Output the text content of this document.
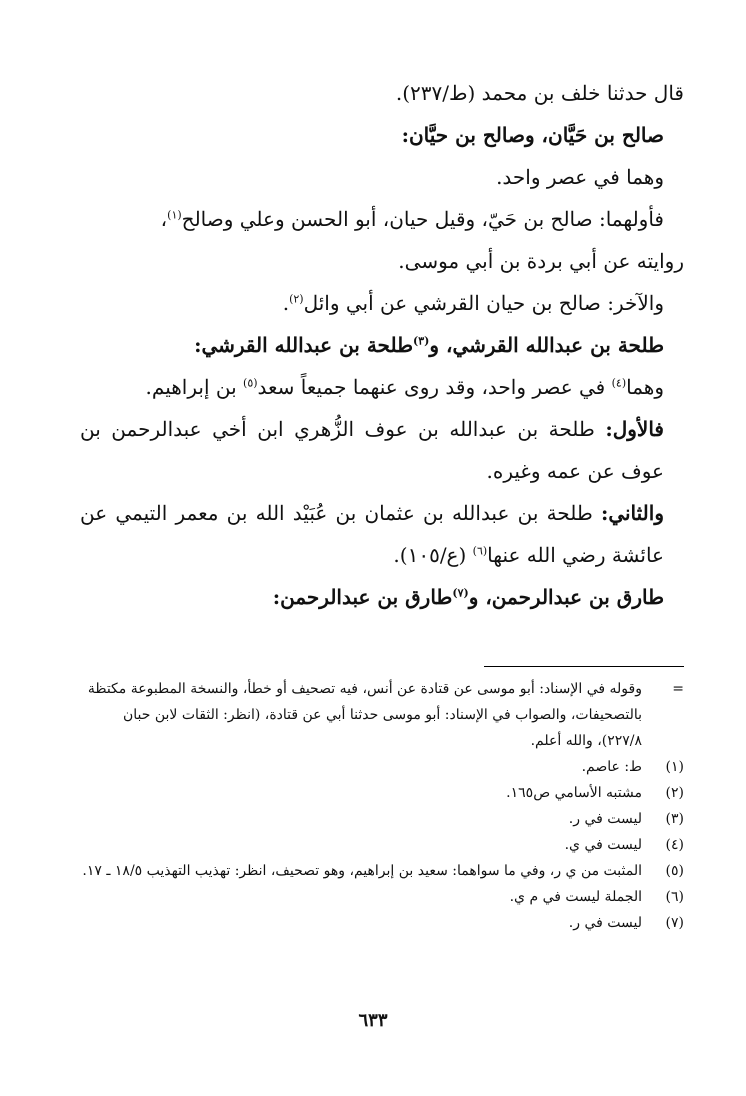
قال حدثنا خلف بن محمد (ط/٢٣٧).

صالح بن حَيَّان، وصالح بن حيَّان:

وهما في عصر واحد.

فأولهما: صالح بن حَيّ، وقيل حيان، أبو الحسن وعلي وصالح$^{(١)}$،

روايته عن أبي بردة بن أبي موسى.

والآخر: صالح بن حيان القرشي عن أبي وائل$^{(٢)}$.

طلحة بن عبدالله القرشي، و$^{(٣)}$طلحة بن عبدالله القرشي:

وهما$^{(٤)}$ في عصر واحد، وقد روى عنهما جميعاً سعد$^{(٥)}$ بن إبراهيم.

فالأول: طلحة بن عبدالله بن عوف الزُّهري ابن أخي عبدالرحمن بن عوف عن عمه وغيره.

والثاني: طلحة بن عبدالله بن عثمان بن عُبَيْد الله بن معمر التيمي عن عائشة رضي الله عنها$^{(٦)}$ (ع/١٠٥).

طارق بن عبدالرحمن، و$^{(٧)}$طارق بن عبدالرحمن:

=
وقوله في الإسناد: أبو موسى عن قتادة عن أنس، فيه تصحيف أو خطأ، والنسخة المطبوعة مكتظة بالتصحيفات، والصواب في الإسناد: أبو موسى حدثنا أبي عن قتادة، (انظر: الثقات لابن حبان ٢٢٧/٨)، والله أعلم.

(١)
ط: عاصم.

(٢)
مشتبه الأسامي ص١٦٥.

(٣)
ليست في ر.

(٤)
ليست في ي.

(٥)
المثبت من ي ر، وفي ما سواهما: سعيد بن إبراهيم، وهو تصحيف، انظر: تهذيب التهذيب ١٨/٥ ـ ١٧.

(٦)
الجملة ليست في م ي.

(٧)
ليست في ر.

٦٣٣
